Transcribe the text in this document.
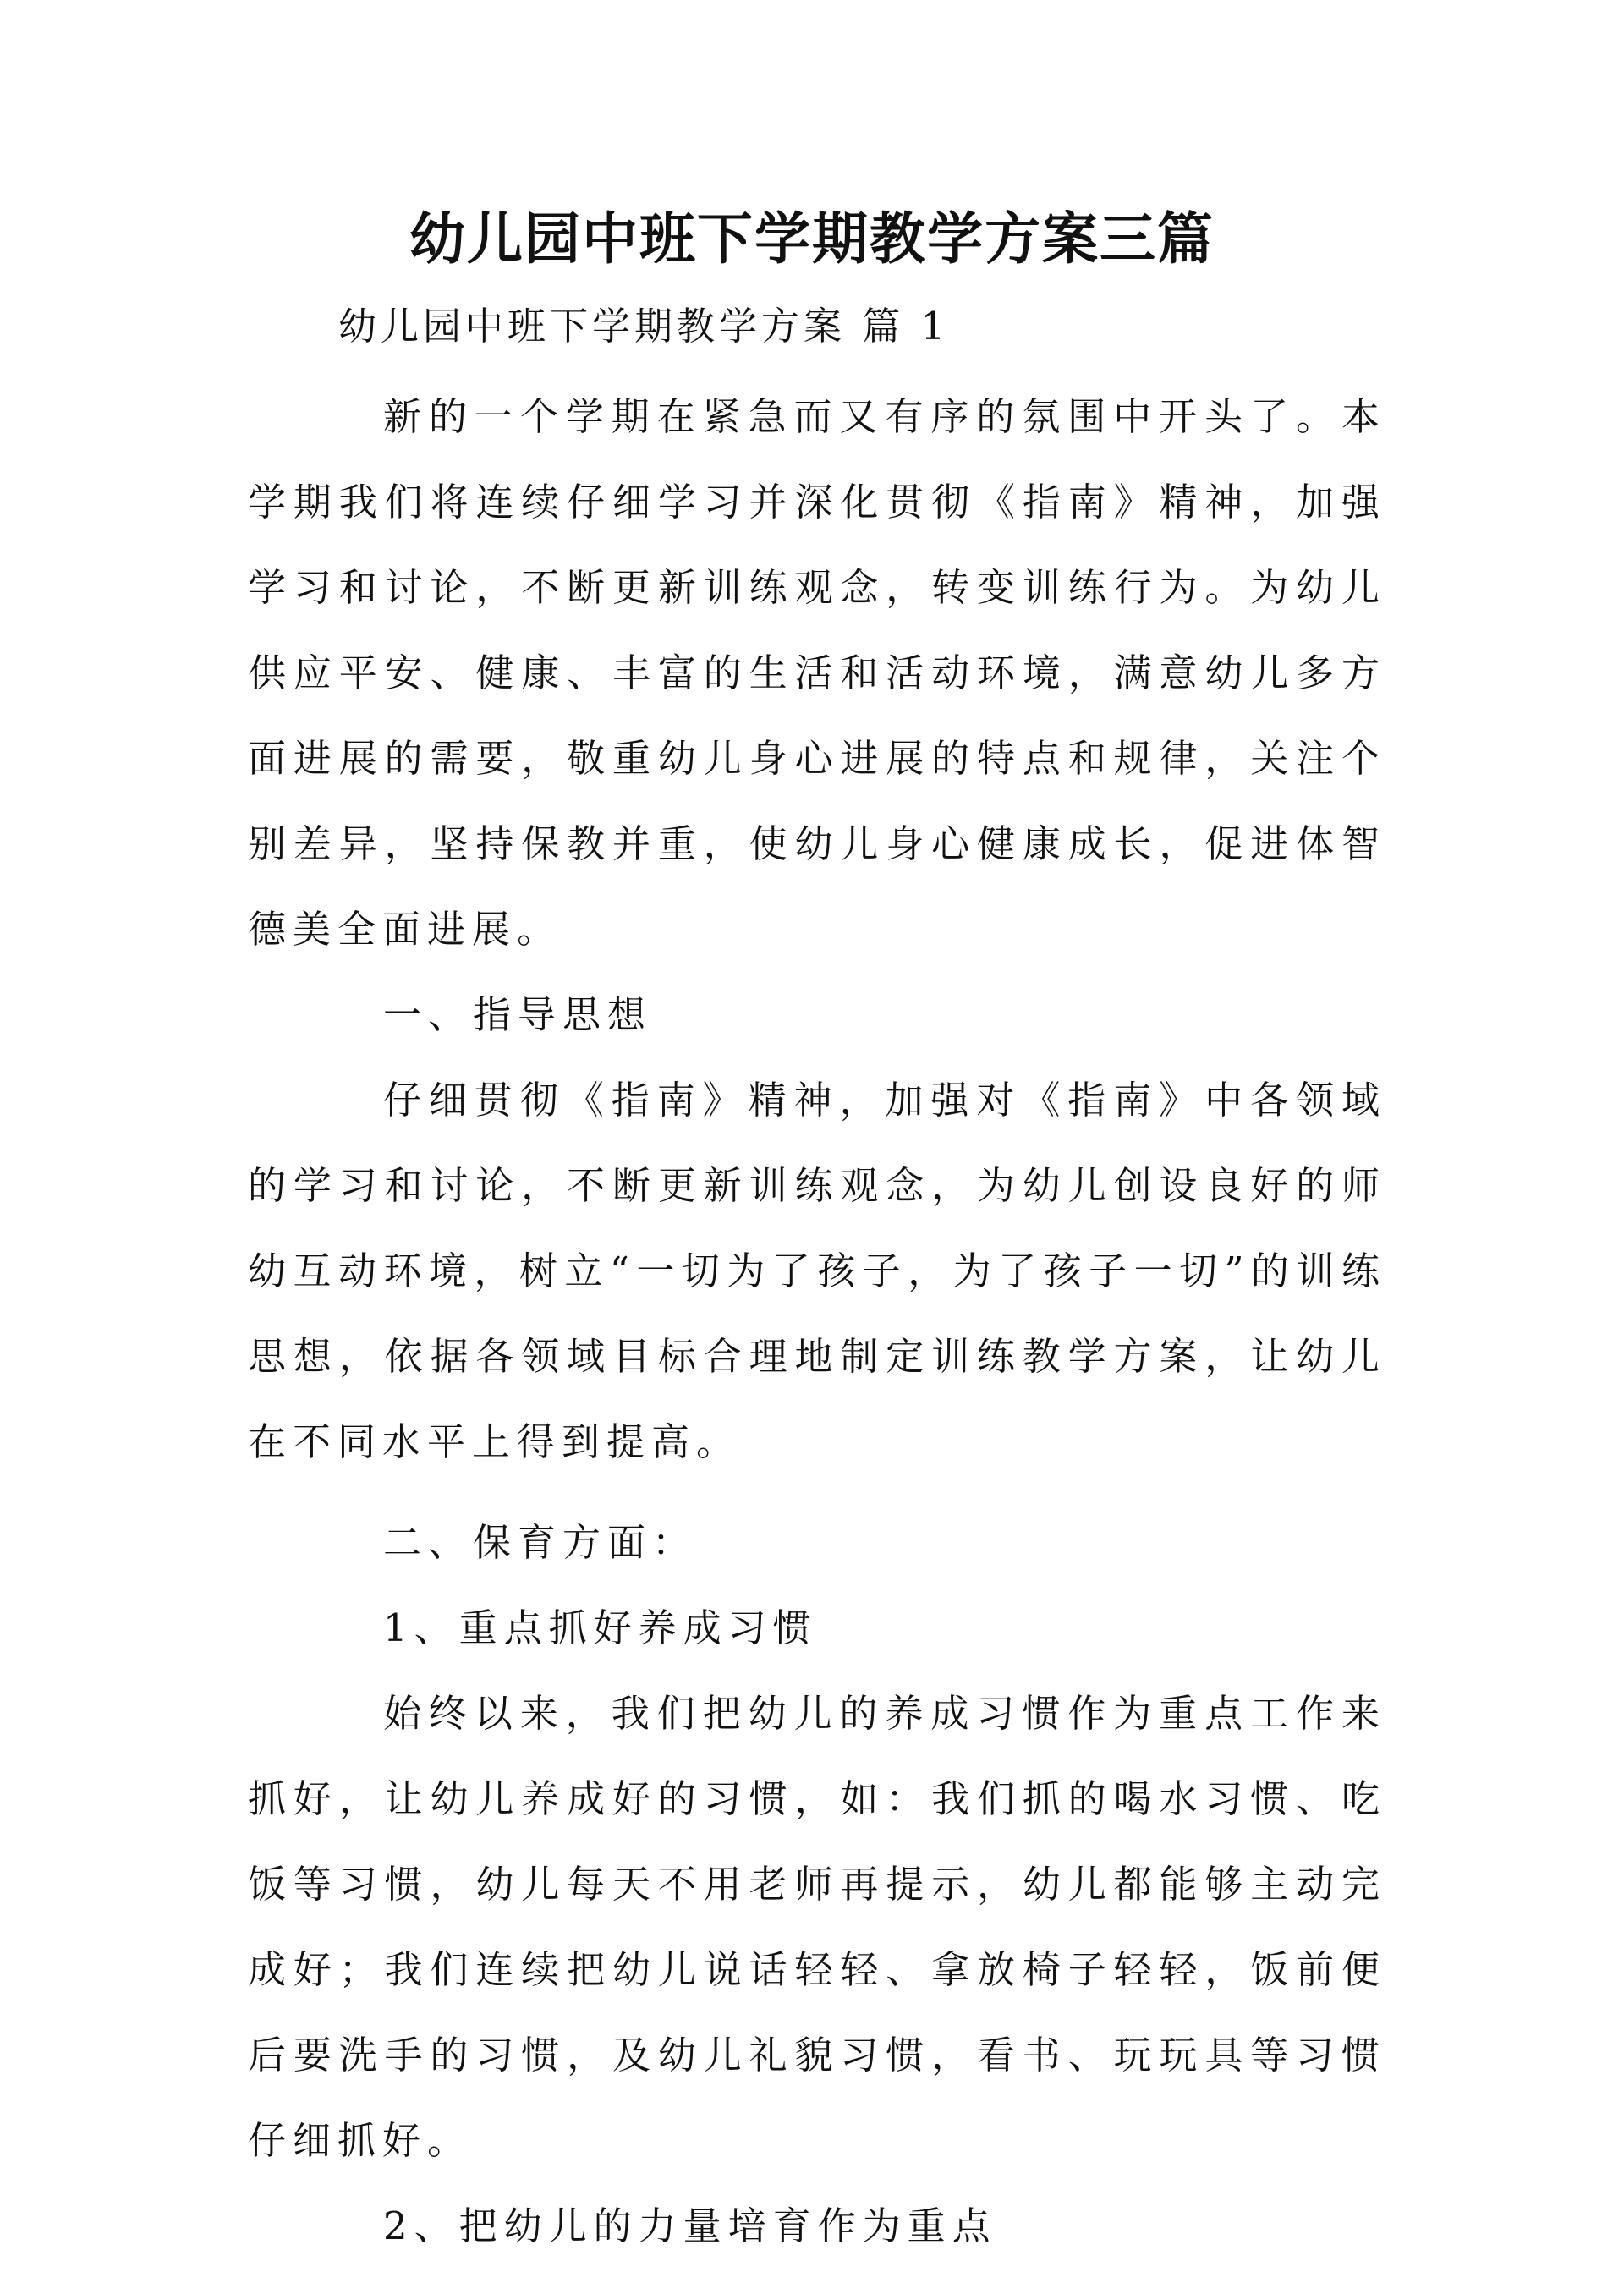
幼儿园中班下学期教学方案三篇
幼儿园中班下学期教学方案 篇 1

新的一个学期在紧急而又有序的氛围中开头了。本学期我们将连续仔细学习并深化贯彻《指南》精神，加强学习和讨论，不断更新训练观念，转变训练行为。为幼儿供应平安、健康、丰富的生活和活动环境，满意幼儿多方面进展的需要，敬重幼儿身心进展的特点和规律，关注个别差异，坚持保教并重，使幼儿身心健康成长，促进体智德美全面进展。

一、指导思想

仔细贯彻《指南》精神，加强对《指南》中各领域的学习和讨论，不断更新训练观念，为幼儿创设良好的师幼互动环境，树立“一切为了孩子，为了孩子一切”的训练思想，依据各领域目标合理地制定训练教学方案，让幼儿在不同水平上得到提高。

二、保育方面：

1、重点抓好养成习惯

始终以来，我们把幼儿的养成习惯作为重点工作来抓好，让幼儿养成好的习惯，如：我们抓的喝水习惯、吃饭等习惯，幼儿每天不用老师再提示，幼儿都能够主动完成好；我们连续把幼儿说话轻轻、拿放椅子轻轻，饭前便后要洗手的习惯，及幼儿礼貌习惯，看书、玩玩具等习惯仔细抓好。

2、把幼儿的力量培育作为重点
